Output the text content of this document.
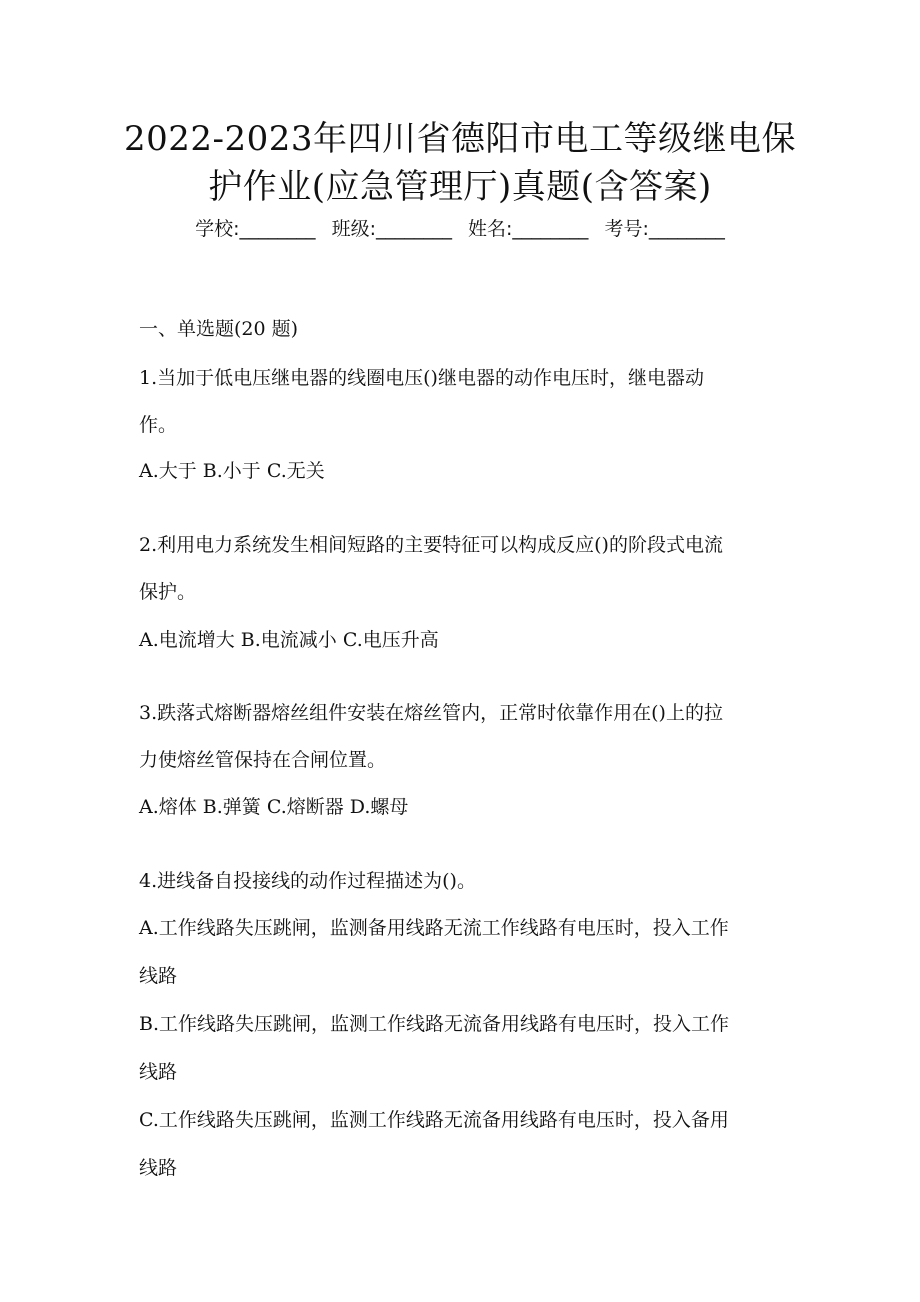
2022-2023年四川省德阳市电工等级继电保
护作业(应急管理厅)真题(含答案)
学校:________ 班级:________ 姓名:________ 考号:________
一、单选题(20 题)
1.当加于低电压继电器的线圈电压()继电器的动作电压时，继电器动
作。
A.大于 B.小于 C.无关
2.利用电力系统发生相间短路的主要特征可以构成反应()的阶段式电流
保护。
A.电流增大 B.电流减小 C.电压升高
3.跌落式熔断器熔丝组件安装在熔丝管内，正常时依靠作用在()上的拉
力使熔丝管保持在合闸位置。
A.熔体 B.弹簧 C.熔断器 D.螺母
4.进线备自投接线的动作过程描述为()。
A.工作线路失压跳闸，监测备用线路无流工作线路有电压时，投入工作
线路
B.工作线路失压跳闸，监测工作线路无流备用线路有电压时，投入工作
线路
C.工作线路失压跳闸，监测工作线路无流备用线路有电压时，投入备用
线路
